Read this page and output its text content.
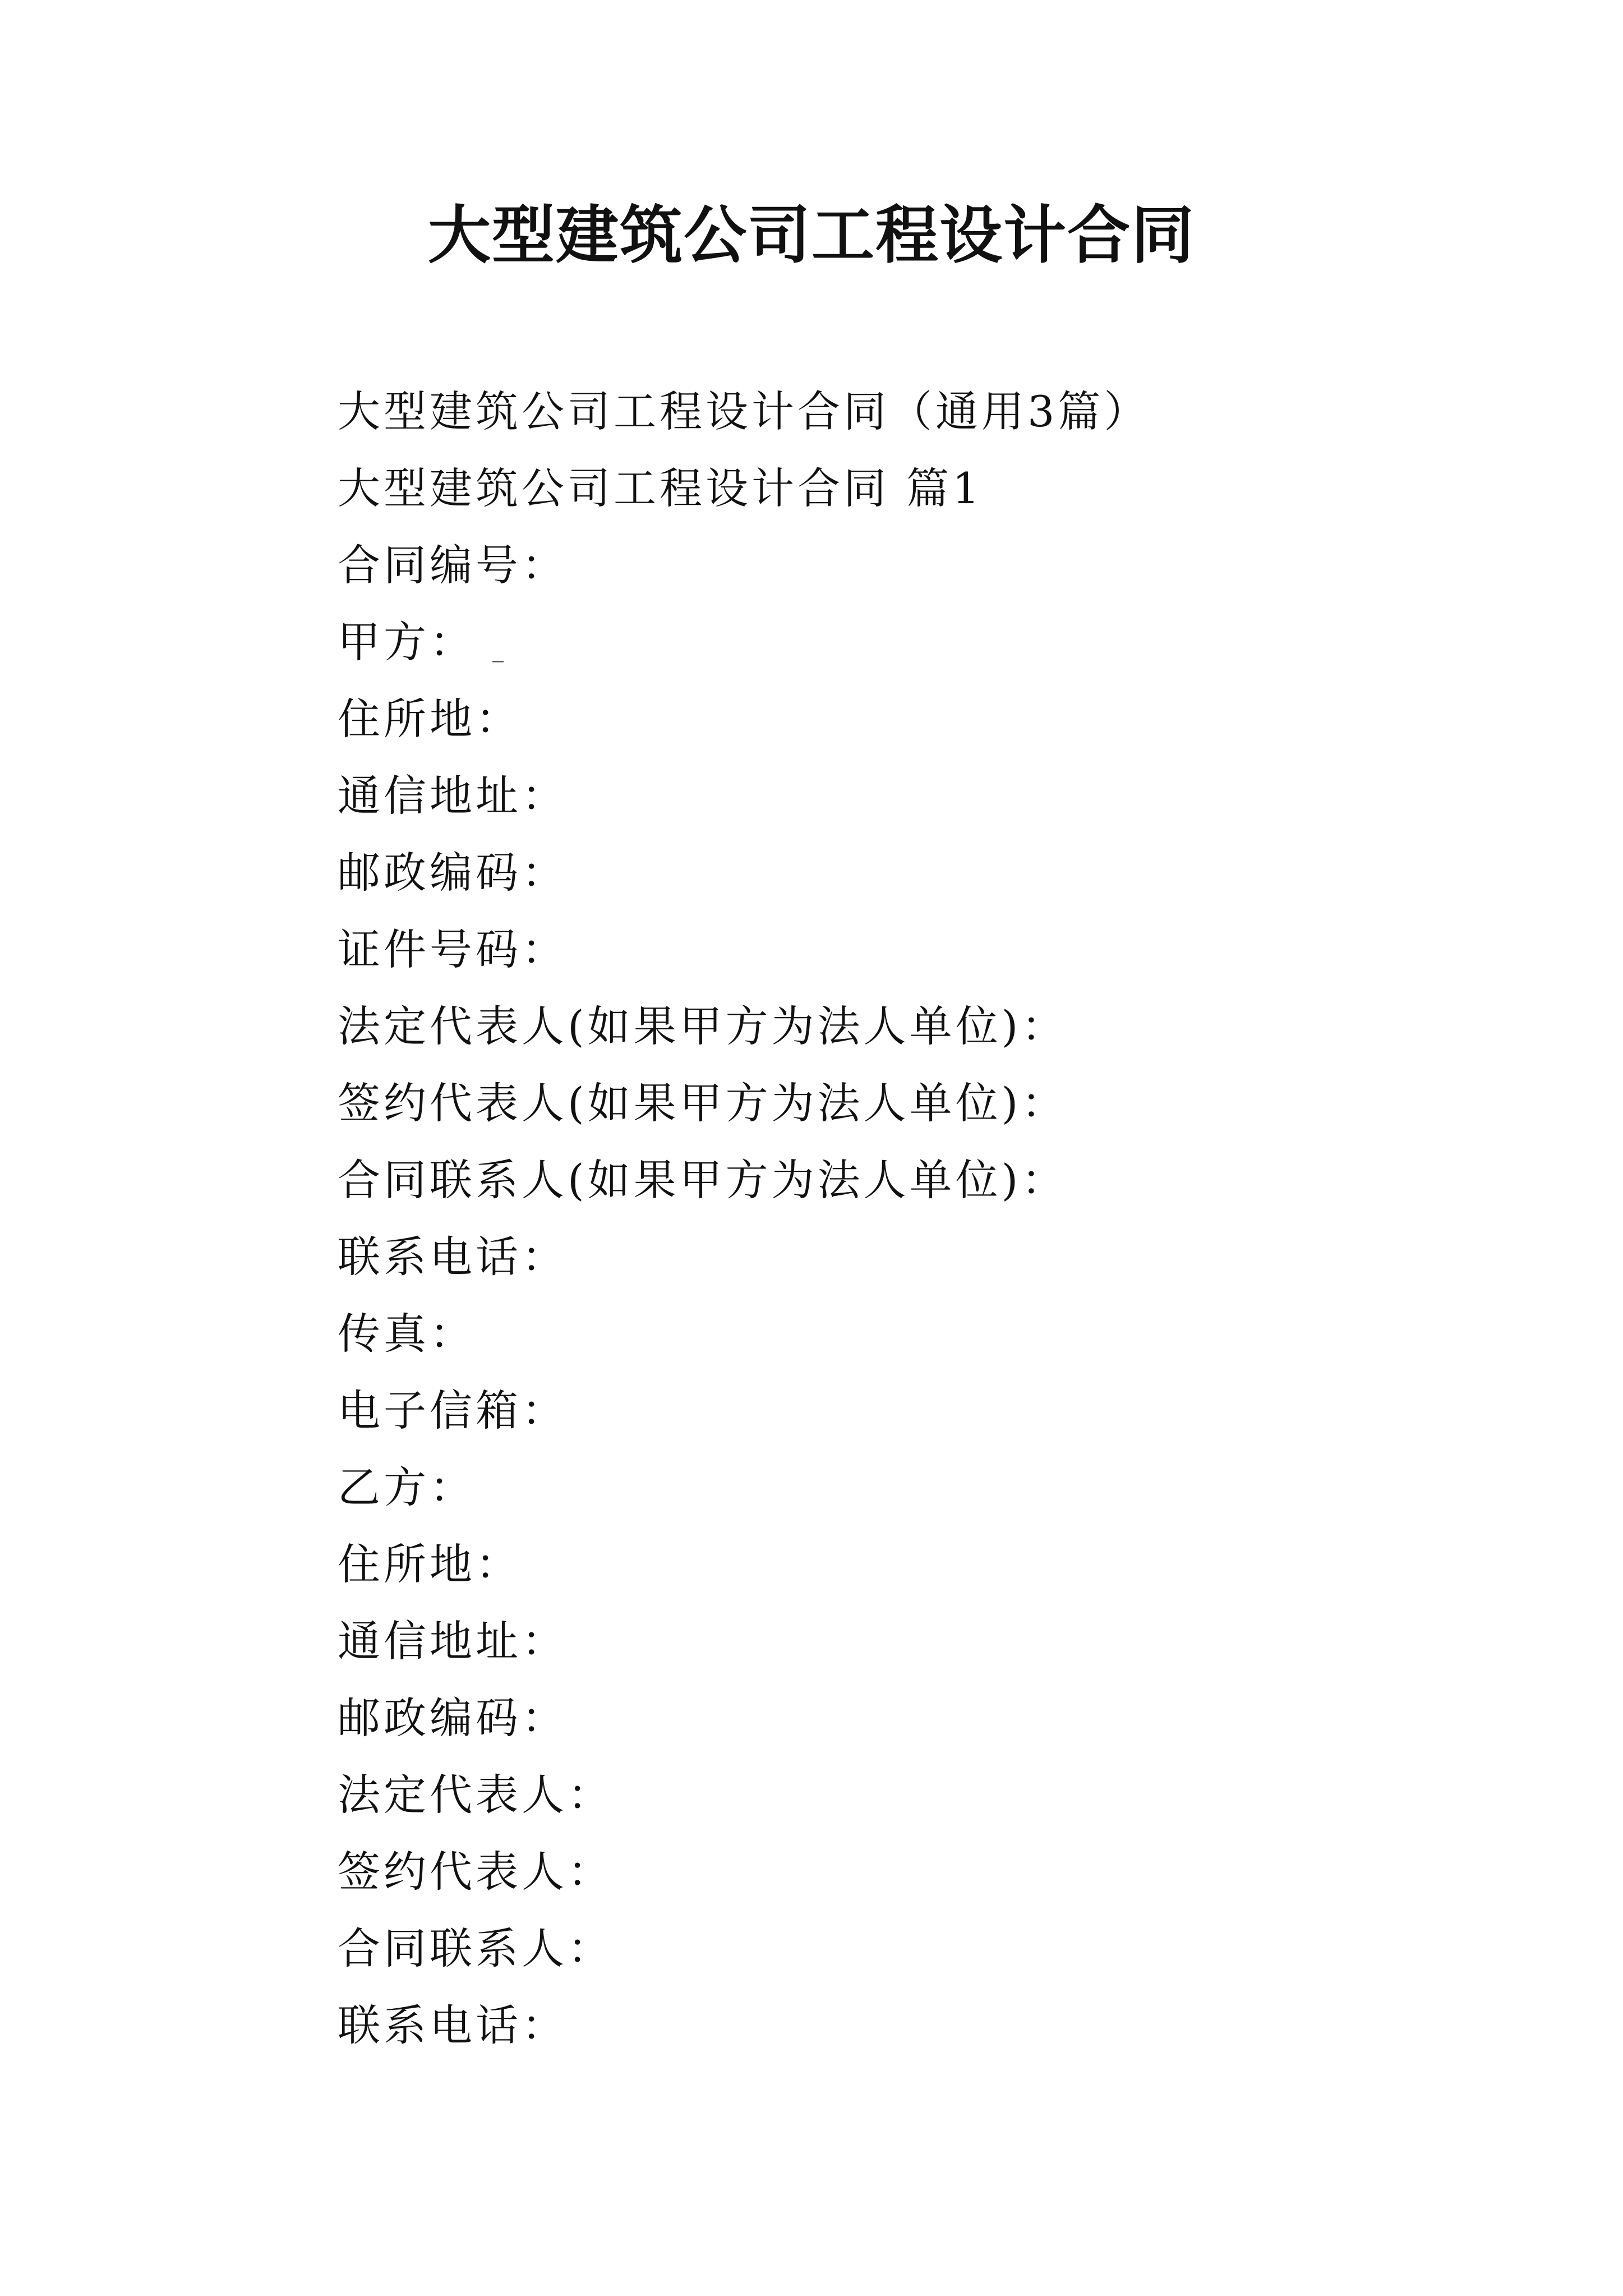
大型建筑公司工程设计合同
大型建筑公司工程设计合同（通用3篇）
大型建筑公司工程设计合同 篇1
合同编号：
甲方： _
住所地：
通信地址：
邮政编码：
证件号码：
法定代表人(如果甲方为法人单位)：
签约代表人(如果甲方为法人单位)：
合同联系人(如果甲方为法人单位)：
联系电话：
传真：
电子信箱：
乙方：
住所地：
通信地址：
邮政编码：
法定代表人：
签约代表人：
合同联系人：
联系电话：
